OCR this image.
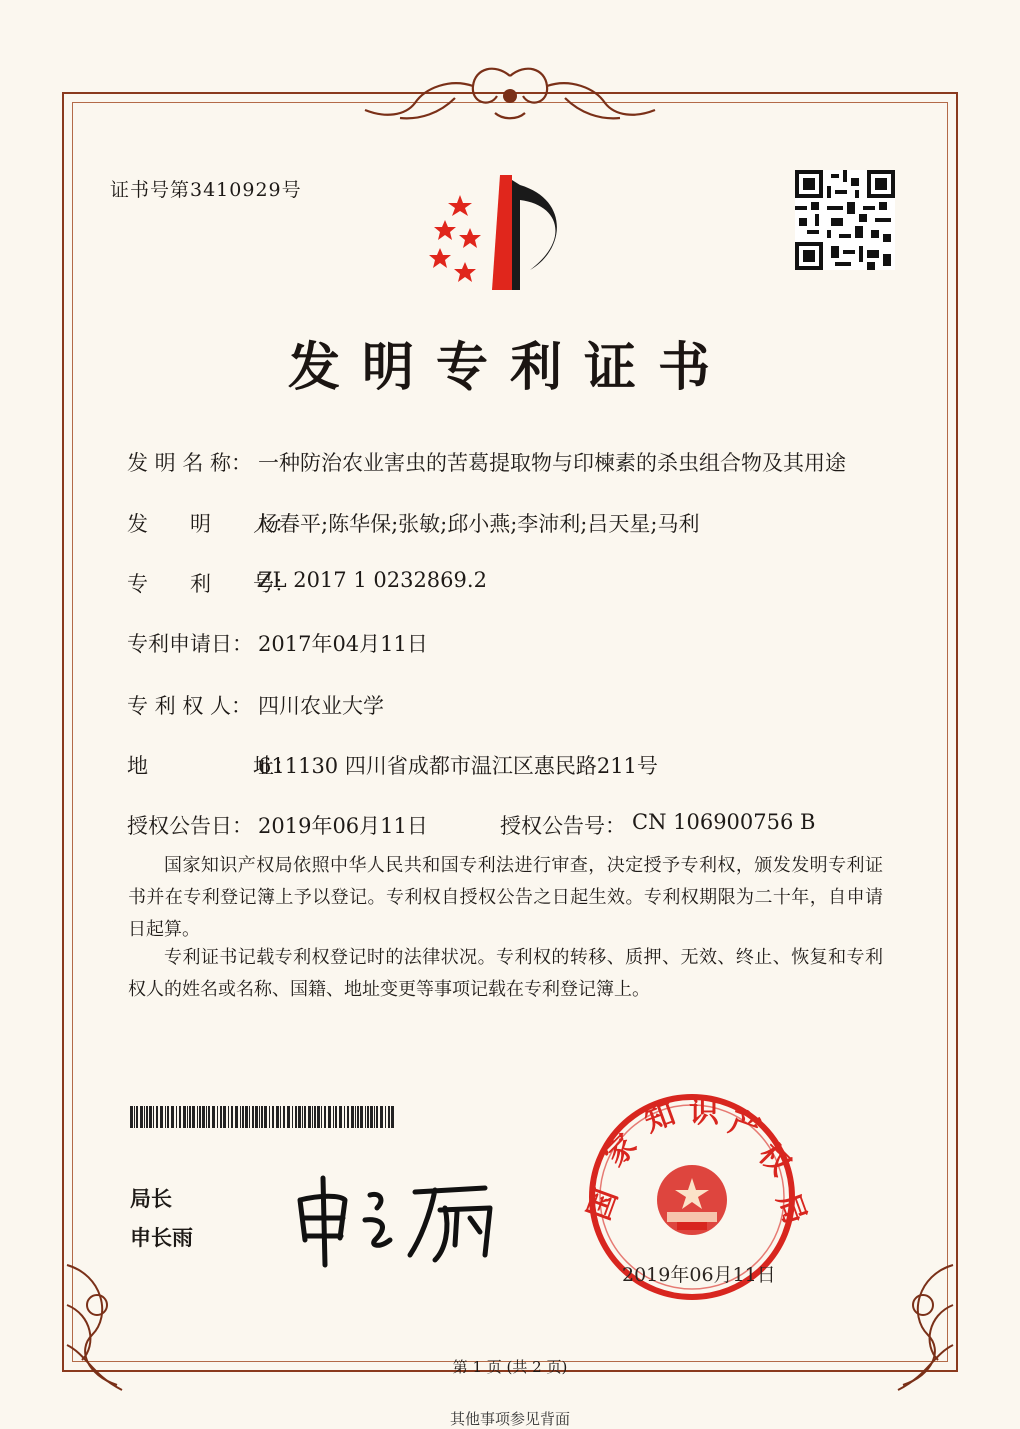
证书号第3410929号
发明专利证书
发 明 名 称： 一种防治农业害虫的苦葛提取物与印楝素的杀虫组合物及其用途
发　　明　　人：
杨春平;陈华保;张敏;邱小燕;李沛利;吕天星;马利
专　　利　　号：
ZL 2017 1 0232869.2
专利申请日： 2017年04月11日
专 利 权 人： 四川农业大学
地　　　　　址：
611130 四川省成都市温江区惠民路211号
授权公告日： 2019年06月11日	授权公告号： CN 106900756 B
国家知识产权局依照中华人民共和国专利法进行审查，决定授予专利权，颁发发明专利证书并在专利登记簿上予以登记。专利权自授权公告之日起生效。专利权期限为二十年，自申请日起算。
专利证书记载专利权登记时的法律状况。专利权的转移、质押、无效、终止、恢复和专利权人的姓名或名称、国籍、地址变更等事项记载在专利登记簿上。
局长
申长雨
国
家
知 识 产
权
局
2019年06月11日
第 1 页 (共 2 页)
其他事项参见背面
